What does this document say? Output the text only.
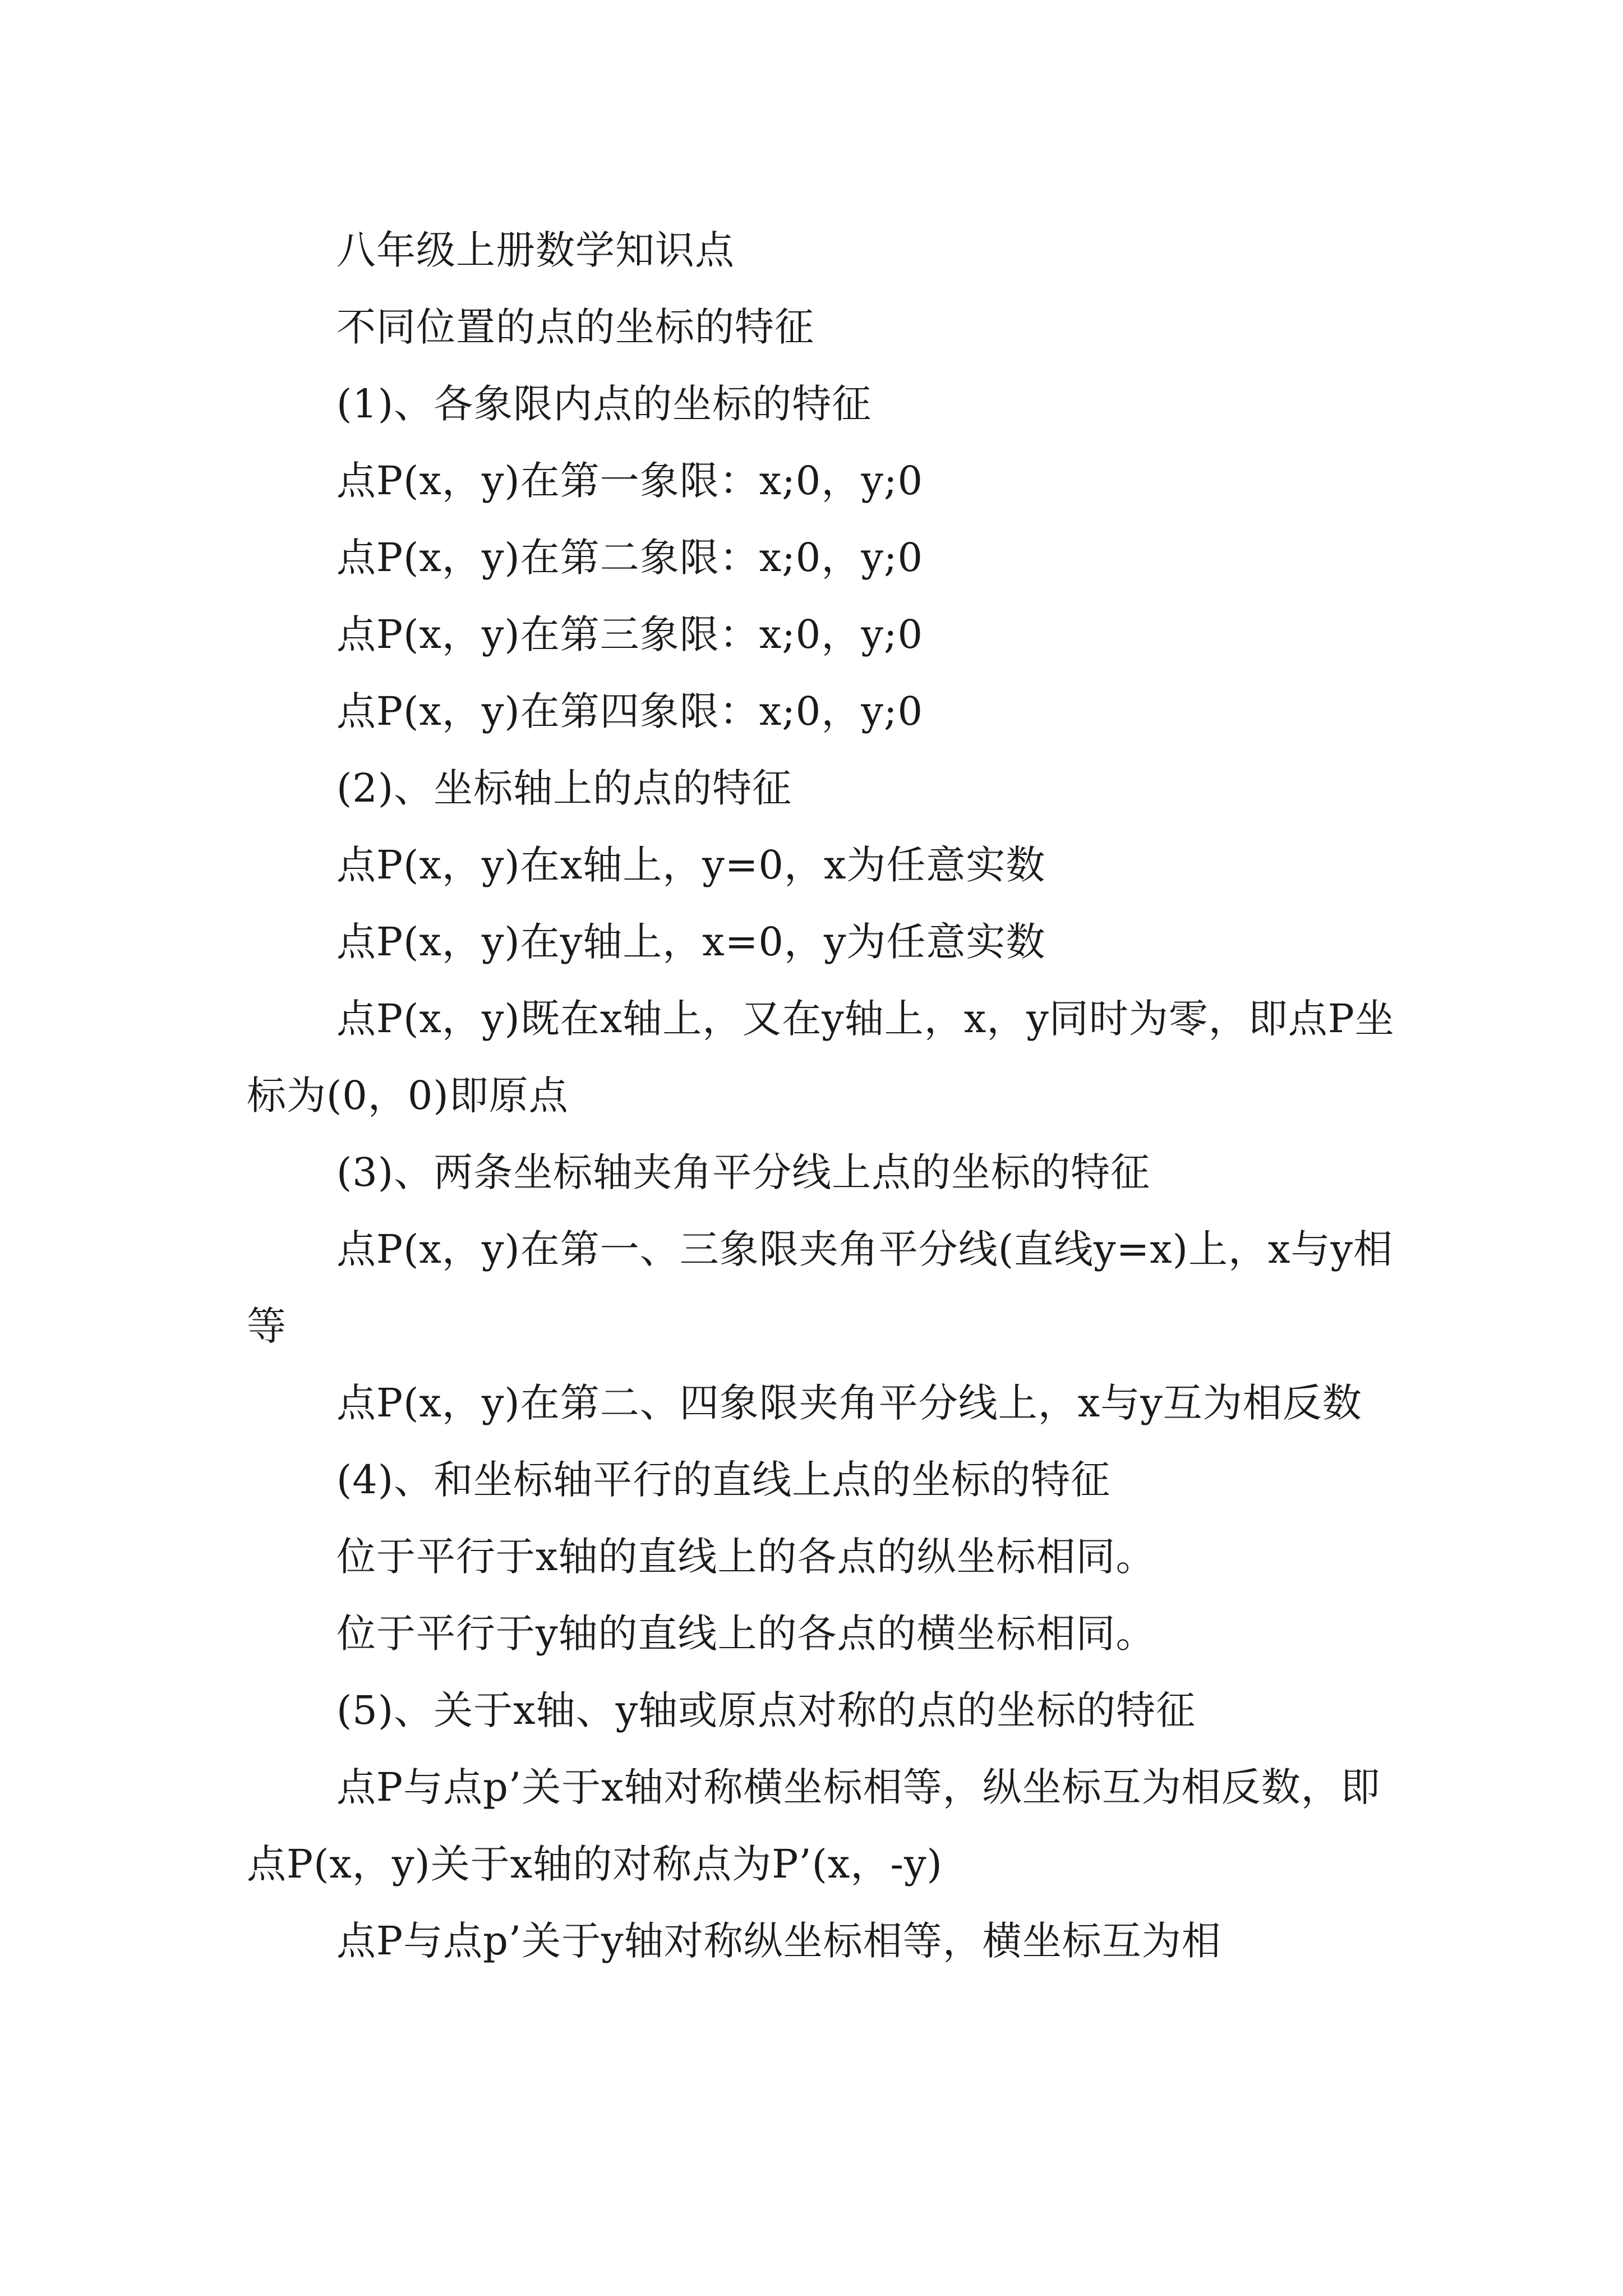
八年级上册数学知识点

不同位置的点的坐标的特征

(1)、各象限内点的坐标的特征

点P(x，y)在第一象限：x;0，y;0

点P(x，y)在第二象限：x;0，y;0

点P(x，y)在第三象限：x;0，y;0

点P(x，y)在第四象限：x;0，y;0

(2)、坐标轴上的点的特征

点P(x，y)在x轴上，y=0，x为任意实数

点P(x，y)在y轴上，x=0，y为任意实数

点P(x，y)既在x轴上，又在y轴上，x，y同时为零，即点P坐标为(0，0)即原点

(3)、两条坐标轴夹角平分线上点的坐标的特征

点P(x，y)在第一、三象限夹角平分线(直线y=x)上，x与y相等

点P(x，y)在第二、四象限夹角平分线上，x与y互为相反数

(4)、和坐标轴平行的直线上点的坐标的特征

位于平行于x轴的直线上的各点的纵坐标相同。

位于平行于y轴的直线上的各点的横坐标相同。

(5)、关于x轴、y轴或原点对称的点的坐标的特征

点P与点p’关于x轴对称横坐标相等，纵坐标互为相反数，即点P(x，y)关于x轴的对称点为P’(x，-y)

点P与点p’关于y轴对称纵坐标相等，横坐标互为相
